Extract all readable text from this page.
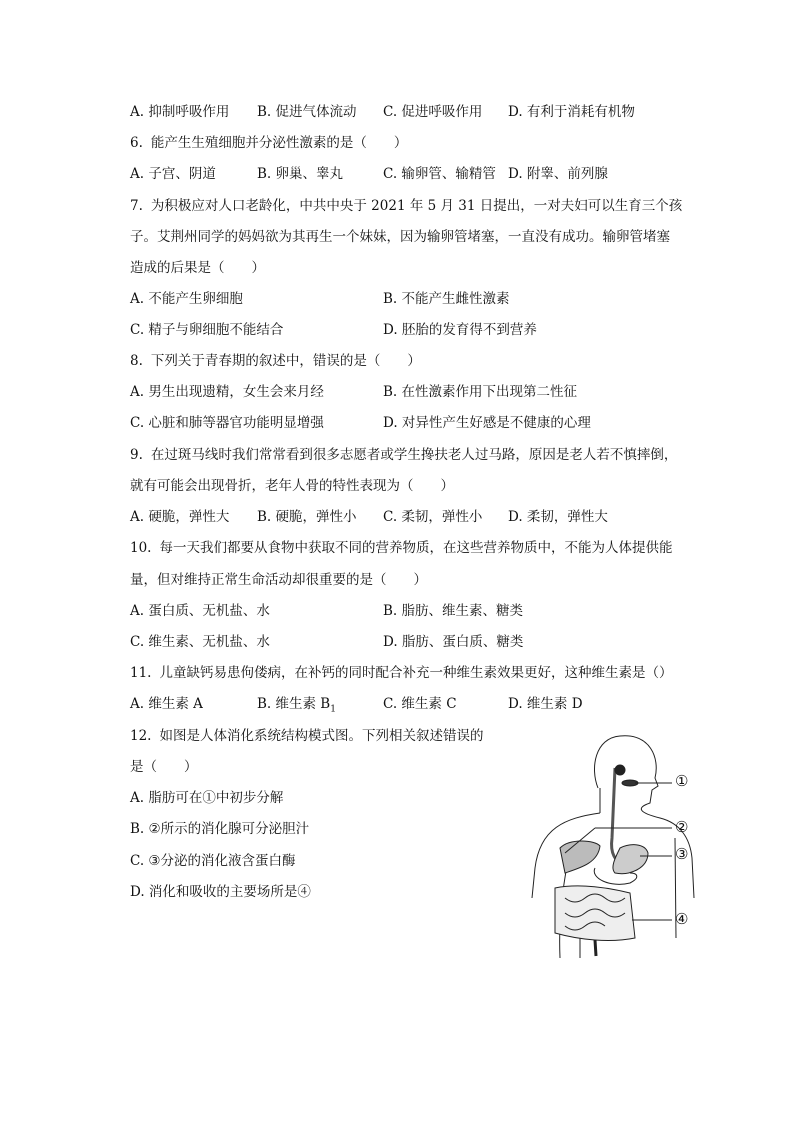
A. 抑制呼吸作用 B. 促进气体流动 C. 促进呼吸作用 D. 有利于消耗有机物
6. 能产生生殖细胞并分泌性激素的是（　　）
A. 子宫、阴道	B. 卵巢、睾丸	C. 输卵管、输精管 D. 附睾、前列腺
7. 为积极应对人口老龄化，中共中央于 2021 年 5 月 31 日提出，一对夫妇可以生育三个孩
子。艾荆州同学的妈妈欲为其再生一个妹妹，因为输卵管堵塞，一直没有成功。输卵管堵塞
造成的后果是（　　）
A. 不能产生卵细胞	B. 不能产生雌性激素
C. 精子与卵细胞不能结合	D. 胚胎的发育得不到营养
8. 下列关于青春期的叙述中，错误的是（　　）
A. 男生出现遗精，女生会来月经	B. 在性激素作用下出现第二性征
C. 心脏和肺等器官功能明显增强	D. 对异性产生好感是不健康的心理
9. 在过斑马线时我们常常看到很多志愿者或学生搀扶老人过马路，原因是老人若不慎摔倒，
就有可能会出现骨折，老年人骨的特性表现为（　　）
A. 硬脆，弹性大 B. 硬脆，弹性小 C. 柔韧，弹性小 D. 柔韧，弹性大
10. 每一天我们都要从食物中获取不同的营养物质，在这些营养物质中，不能为人体提供能
量，但对维持正常生命活动却很重要的是（　　）
A. 蛋白质、无机盐、水	B. 脂肪、维生素、糖类
C. 维生素、无机盐、水	D. 脂肪、蛋白质、糖类
11. 儿童缺钙易患佝偻病，在补钙的同时配合补充一种维生素效果更好，这种维生素是（）
A. 维生素 A	B. 维生素 $B_1$	C. 维生素 C	D. 维生素 D
12. 如图是人体消化系统结构模式图。下列相关叙述错误的
是（　　）
A. 脂肪可在①中初步分解
B. ②所示的消化腺可分泌胆汁
C. ③分泌的消化液含蛋白酶
D. 消化和吸收的主要场所是④
①
②
③
④
